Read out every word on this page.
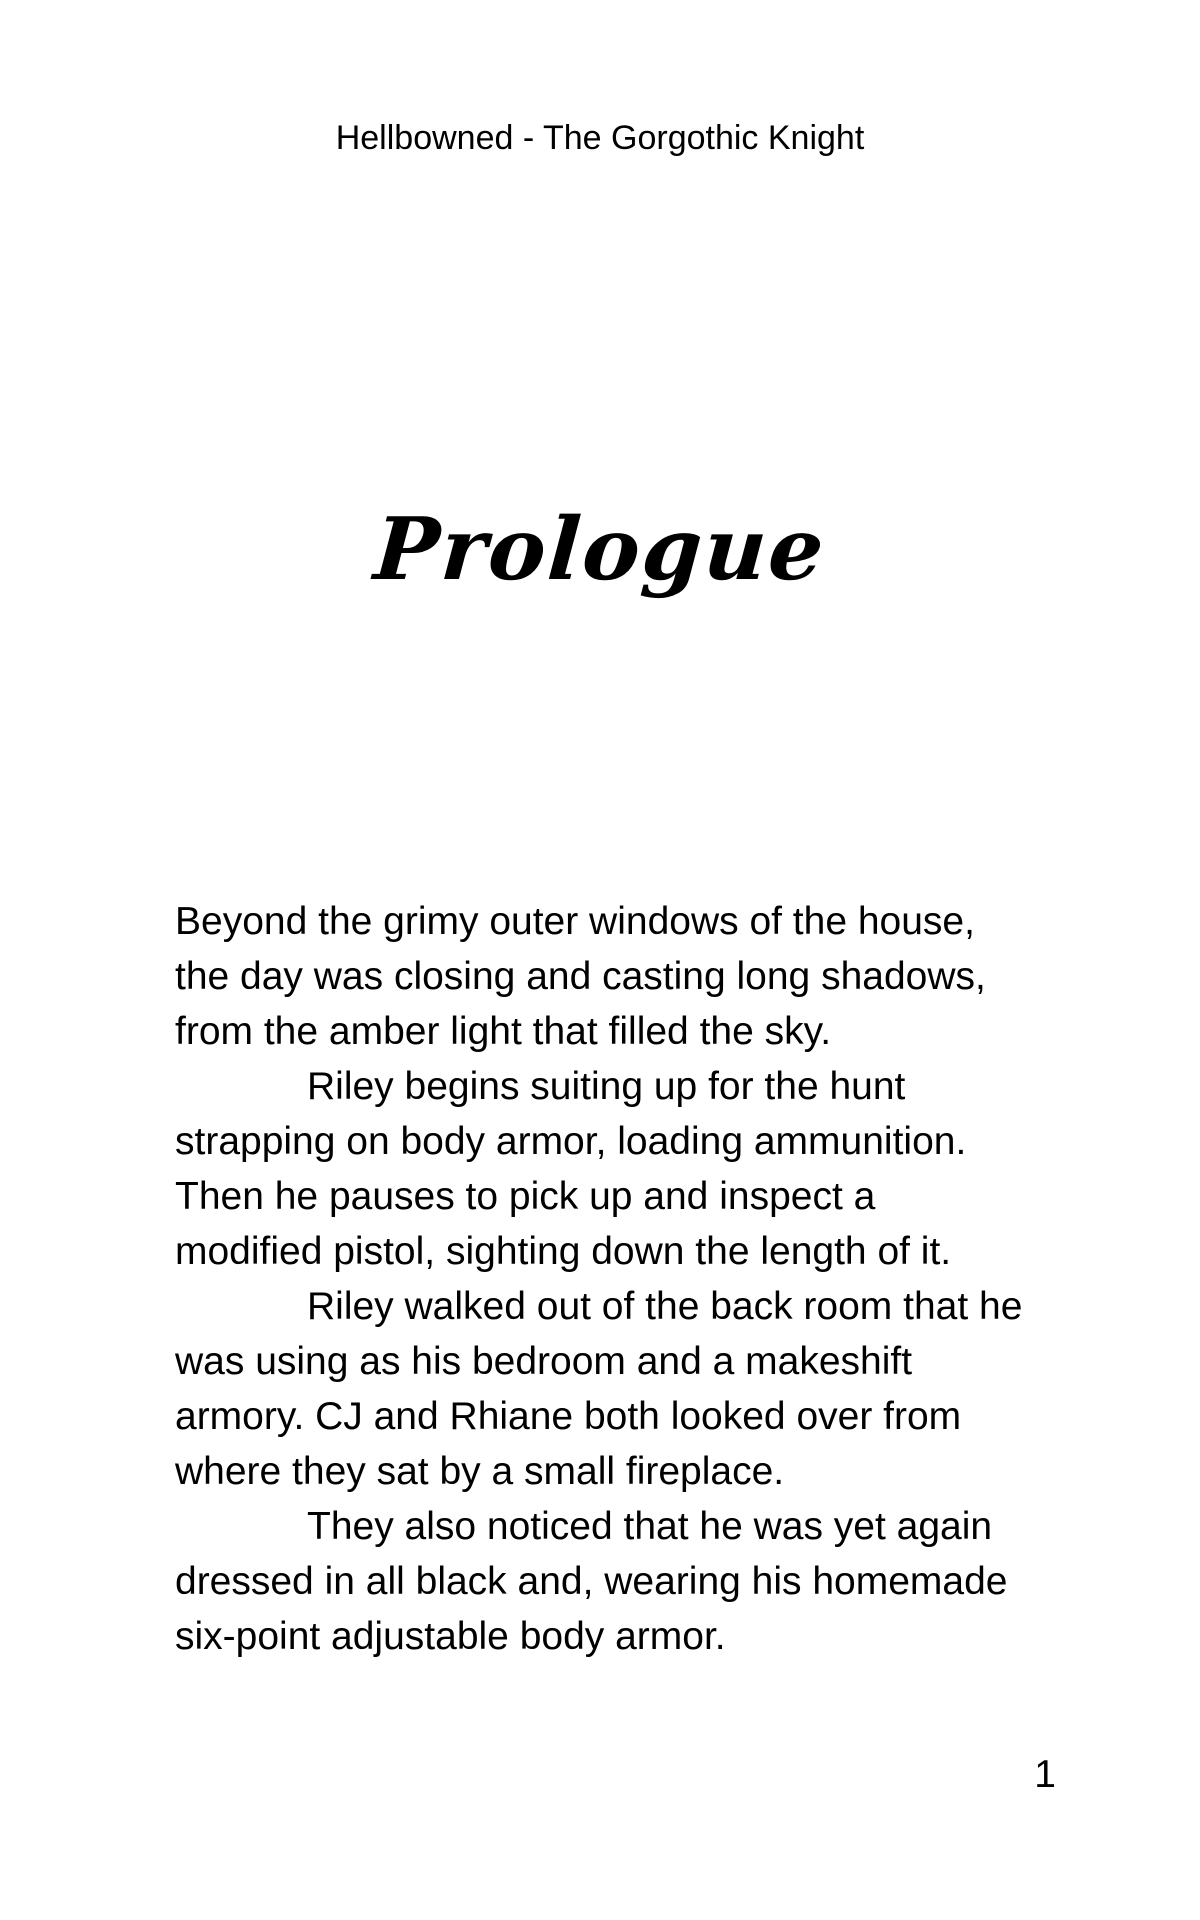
Hellbowned - The Gorgothic Knight
Prologue
Beyond the grimy outer windows of the house,
the day was closing and casting long shadows,
from the amber light that filled the sky.
Riley begins suiting up for the hunt
strapping on body armor, loading ammunition.
Then he pauses to pick up and inspect a
modified pistol, sighting down the length of it.
Riley walked out of the back room that he
was using as his bedroom and a makeshift
armory. CJ and Rhiane both looked over from
where they sat by a small fireplace.
They also noticed that he was yet again
dressed in all black and, wearing his homemade
six-point adjustable body armor.
1
